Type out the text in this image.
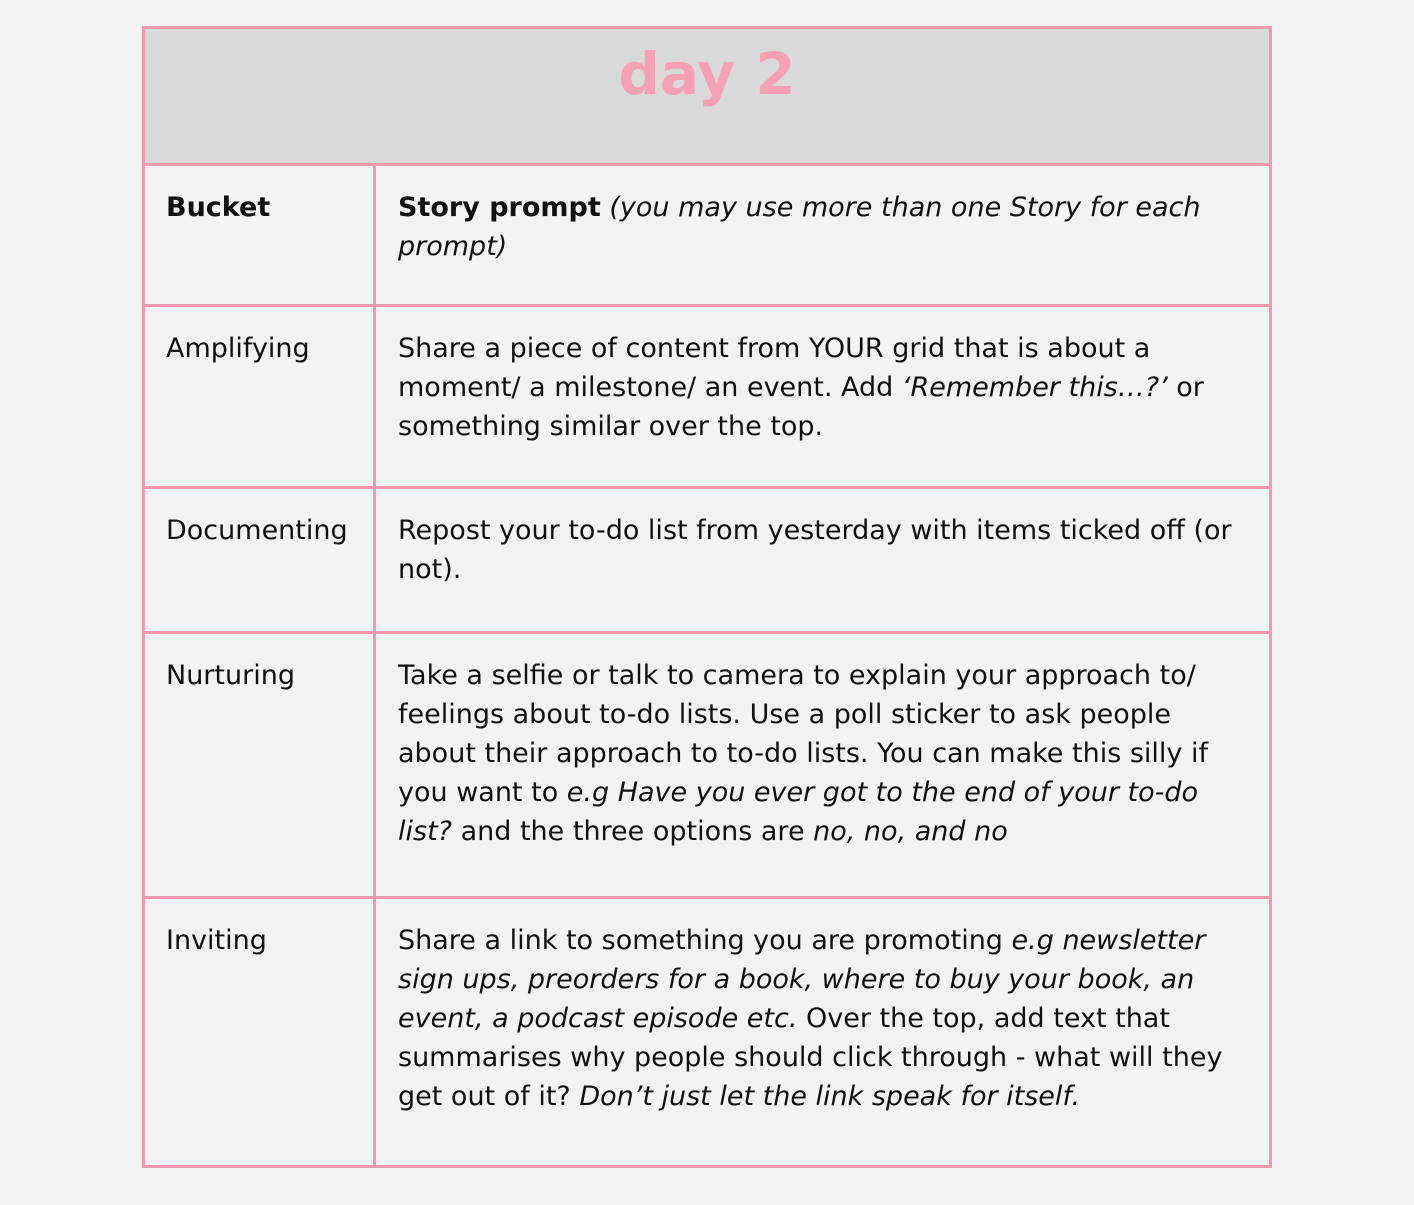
day 2
Bucket	Story prompt (you may use more than one Story for each prompt)
Amplifying	Share a piece of content from YOUR grid that is about a moment/ a milestone/ an event. Add ‘Remember this…?’ or something similar over the top.
Documenting	Repost your to-do list from yesterday with items ticked off (or not).
Nurturing	Take a selfie or talk to camera to explain your approach to/ feelings about to-do lists. Use a poll sticker to ask people about their approach to to-do lists. You can make this silly if you want to e.g Have you ever got to the end of your to-do list? and the three options are no, no, and no
Inviting	Share a link to something you are promoting e.g newsletter sign ups, preorders for a book, where to buy your book, an event, a podcast episode etc. Over the top, add text that summarises why people should click through - what will they get out of it? Don’t just let the link speak for itself.
